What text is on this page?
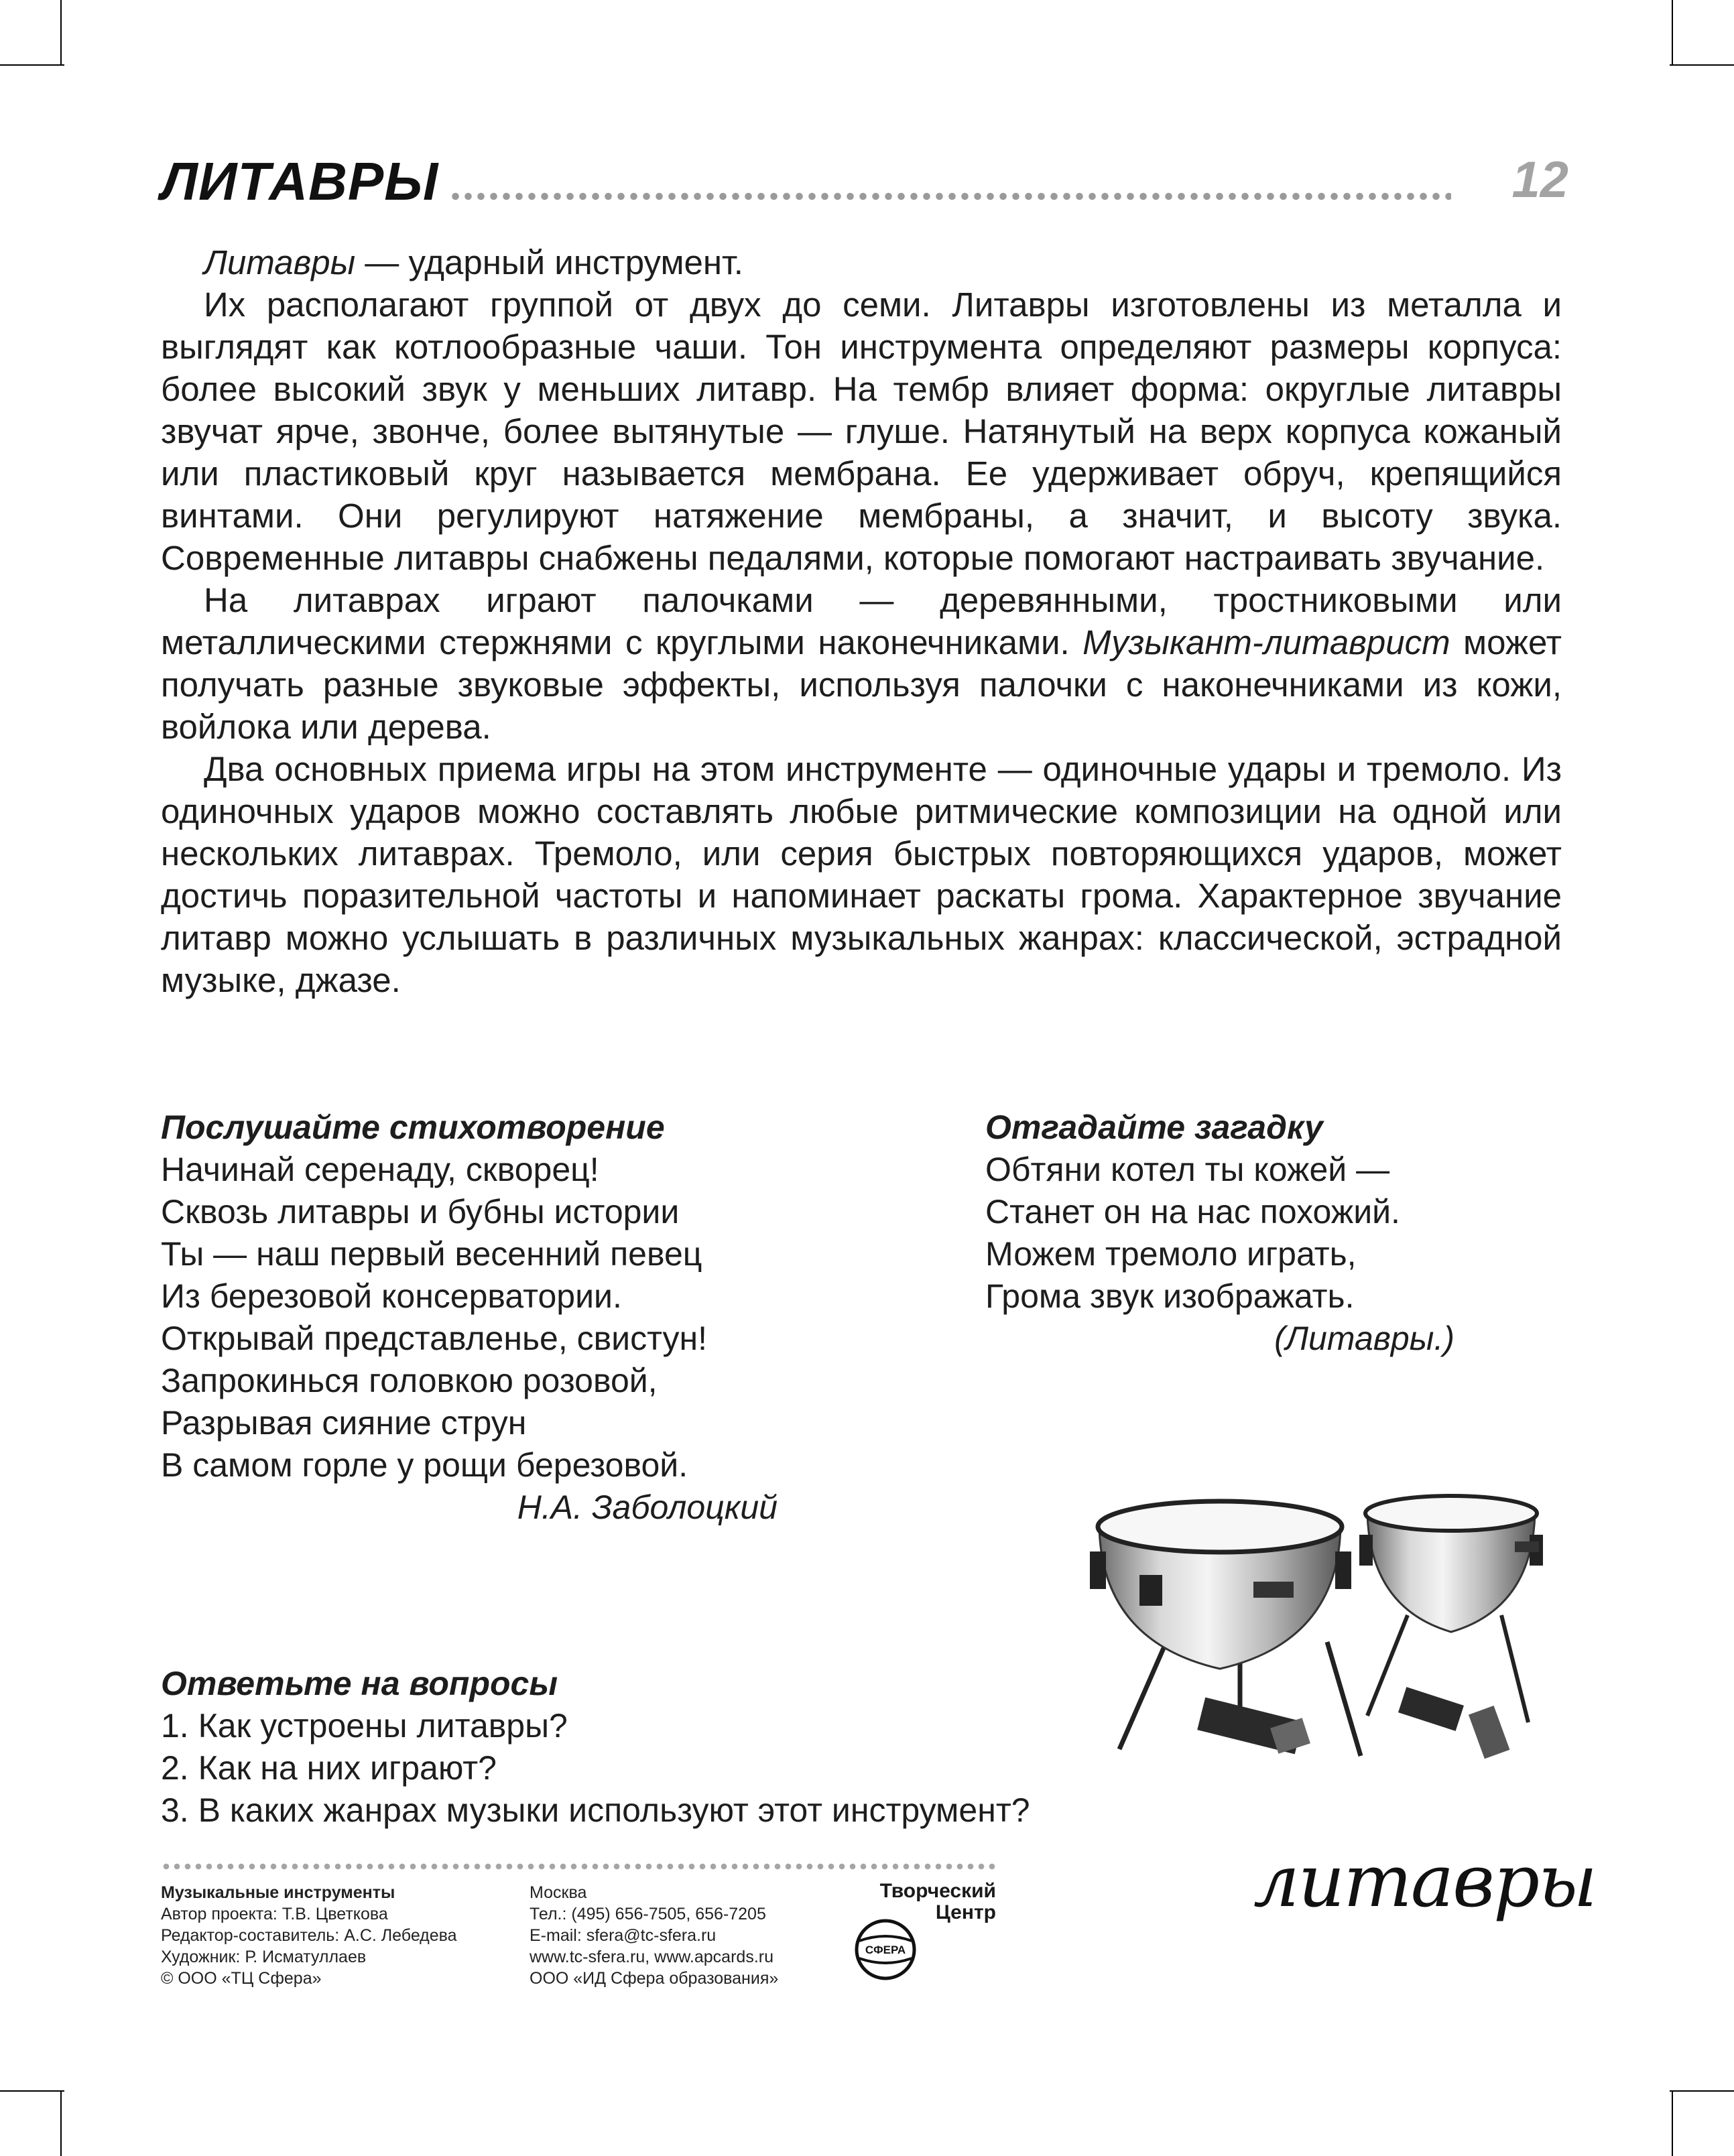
ЛИТАВРЫ	12

Литавры — ударный инструмент.

Их располагают группой от двух до семи. Литавры изготовлены из металла и выглядят как котлообразные чаши. Тон инструмента определяют размеры корпуса: более высокий звук у меньших литавр. На тембр влияет форма: округлые литавры звучат ярче, звонче, более вытянутые — глуше. Натянутый на верх корпуса кожаный или пластиковый круг называется мембрана. Ее удерживает обруч, крепящийся винтами. Они регулируют натяжение мембраны, а значит, и высоту звука. Современные литавры снабжены педалями, которые помогают настраивать звучание.

На литаврах играют палочками — деревянными, тростниковыми или металлическими стержнями с круглыми наконечниками. Музыкант-литаврист может получать разные звуковые эффекты, используя палочки с наконечниками из кожи, войлока или дерева.

Два основных приема игры на этом инструменте — одиночные удары и тремоло. Из одиночных ударов можно составлять любые ритмические композиции на одной или нескольких литаврах. Тремоло, или серия быстрых повторяющихся ударов, может достичь поразительной частоты и напоминает раскаты грома. Характерное звучание литавр можно услышать в различных музыкальных жанрах: классической, эстрадной музыке, джазе.

Послушайте стихотворение
Начинай серенаду, скворец!
Сквозь литавры и бубны истории
Ты — наш первый весенний певец
Из березовой консерватории.
Открывай представленье, свистун!
Запрокинься головкою розовой,
Разрывая сияние струн
В самом горле у рощи березовой.
Н.А. Заболоцкий
Отгадайте загадку
Обтяни котел ты кожей —
Станет он на нас похожий.
Можем тремоло играть,
Грома звук изображать.
(Литавры.)
Ответьте на вопросы
1. Как устроены литавры?
2. Как на них играют?
3. В каких жанрах музыки используют этот инструмент?
литавры
Музыкальные инструменты
Автор проекта: Т.В. Цветкова
Редактор-составитель: А.С. Лебедева
Художник: Р. Исматуллаев
© ООО «ТЦ Сфера»
Москва
Тел.: (495) 656-7505, 656-7205
E-mail: sfera@tc-sfera.ru
www.tc-sfera.ru, www.apcards.ru
ООО «ИД Сфера образования»
Творческий
Центр
СФЕРА
